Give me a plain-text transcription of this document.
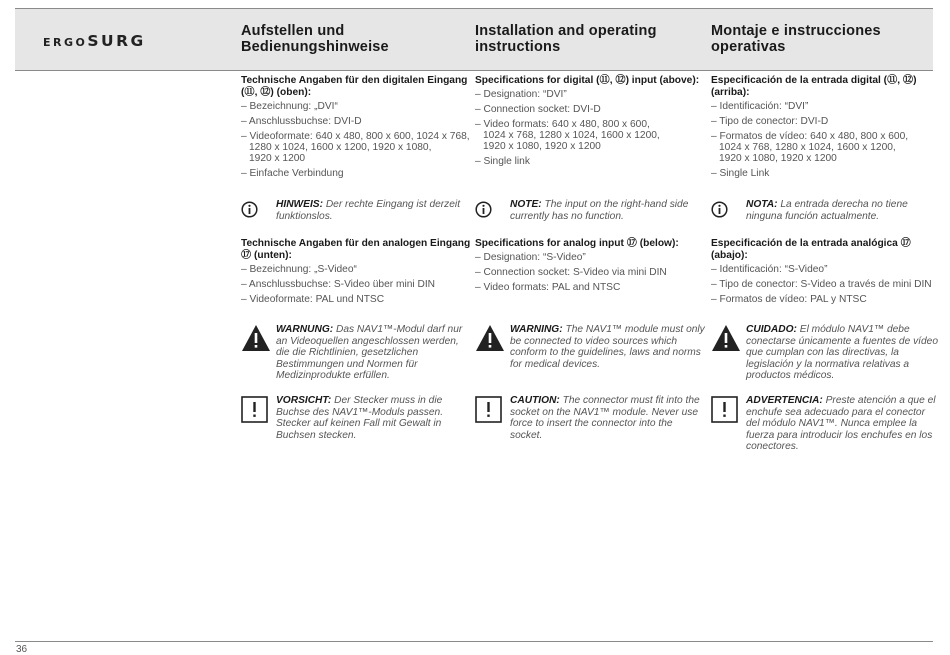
ERGOSURG
Aufstellen und
Bedienungshinweise
Installation and operating
instructions
Montaje e instrucciones
operativas
Technische Angaben für den digitalen Eingang (⑪, ⑫) (oben):
– Bezeichnung: „DVI“
– Anschlussbuchse: DVI-D
– Videoformate: 640 x 480, 800 x 600, 1024 x 768,
1280 x 1024, 1600 x 1200, 1920 x 1080,
1920 x 1200
– Einfache Verbindung
HINWEIS: Der rechte Eingang ist derzeit funktionslos.
Technische Angaben für den analogen Eingang ⑰ (unten):
– Bezeichnung: „S-Video“
– Anschlussbuchse: S-Video über mini DIN
– Videoformate: PAL und NTSC
WARNUNG: Das NAV1™-Modul darf nur an Videoquellen angeschlossen werden, die die Richtlinien, gesetzlichen Bestimmungen und Normen für Medizinprodukte erfüllen.
VORSICHT: Der Stecker muss in die Buchse des NAV1™-Moduls passen. Stecker auf keinen Fall mit Gewalt in Buchsen stecken.
Specifications for digital (⑪, ⑫) input (above):
– Designation: “DVI”
– Connection socket: DVI-D
– Video formats: 640 x 480, 800 x 600,
1024 x 768, 1280 x 1024, 1600 x 1200,
1920 x 1080, 1920 x 1200
– Single link
NOTE: The input on the right-hand side currently has no function.
Specifications for analog input ⑰ (below):
– Designation: “S-Video”
– Connection socket: S-Video via mini DIN
– Video formats: PAL and NTSC
WARNING: The NAV1™ module must only be connected to video sources which conform to the guidelines, laws and norms for medical devices.
CAUTION: The connector must fit into the socket on the NAV1™ module. Never use force to insert the connector into the socket.
Especificación de la entrada digital (⑪, ⑫) (arriba):
– Identificación: “DVI”
– Tipo de conector: DVI-D
– Formatos de vídeo: 640 x 480, 800 x 600,
1024 x 768, 1280 x 1024, 1600 x 1200,
1920 x 1080, 1920 x 1200
– Single Link
NOTA: La entrada derecha no tiene ninguna función actualmente.
Especificación de la entrada analógica ⑰ (abajo):
– Identificación: “S-Video”
– Tipo de conector: S-Video a través de mini DIN
– Formatos de vídeo: PAL y NTSC
CUIDADO: El módulo NAV1™ debe conectarse únicamente a fuentes de vídeo que cumplan con las directivas, la legislación y la normativa relativas a productos médicos.
ADVERTENCIA: Preste atención a que el enchufe sea adecuado para el conector del módulo NAV1™. Nunca emplee la fuerza para introducir los enchufes en los conectores.
36
